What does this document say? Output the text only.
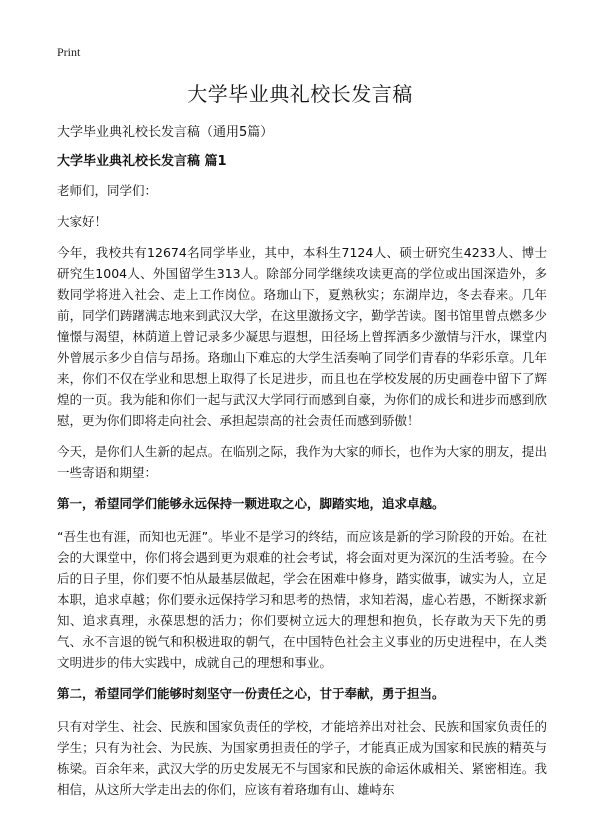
Print
大学毕业典礼校长发言稿
大学毕业典礼校长发言稿（通用5篇）
大学毕业典礼校长发言稿 篇1

老师们，同学们：

大家好！

今年，我校共有12674名同学毕业，其中，本科生7124人、硕士研究生4233人、博士研究生1004人、外国留学生313人。除部分同学继续攻读更高的学位或出国深造外，多数同学将进入社会、走上工作岗位。珞珈山下，夏熟秋实；东湖岸边，冬去春来。几年前，同学们踌躇满志地来到武汉大学，在这里激扬文字，勤学苦读。图书馆里曾点燃多少憧憬与渴望，林荫道上曾记录多少凝思与遐想，田径场上曾挥洒多少激情与汗水，课堂内外曾展示多少自信与昂扬。珞珈山下难忘的大学生活奏响了同学们青春的华彩乐章。几年来，你们不仅在学业和思想上取得了长足进步，而且也在学校发展的历史画卷中留下了辉煌的一页。我为能和你们一起与武汉大学同行而感到自豪，为你们的成长和进步而感到欣慰，更为你们即将走向社会、承担起崇高的社会责任而感到骄傲！

今天，是你们人生新的起点。在临别之际，我作为大家的师长，也作为大家的朋友，提出一些寄语和期望：

第一，希望同学们能够永远保持一颗进取之心，脚踏实地，追求卓越。

“吾生也有涯，而知也无涯”。毕业不是学习的终结，而应该是新的学习阶段的开始。在社会的大课堂中，你们将会遇到更为艰难的社会考试，将会面对更为深沉的生活考验。在今后的日子里，你们要不怕从最基层做起，学会在困难中修身，踏实做事，诚实为人，立足本职，追求卓越；你们要永远保持学习和思考的热情，求知若渴，虚心若愚，不断探求新知、追求真理，永葆思想的活力；你们要树立远大的理想和抱负，长存敢为天下先的勇气、永不言退的锐气和积极进取的朝气，在中国特色社会主义事业的历史进程中，在人类文明进步的伟大实践中，成就自己的理想和事业。

第二，希望同学们能够时刻坚守一份责任之心，甘于奉献，勇于担当。

只有对学生、社会、民族和国家负责任的学校，才能培养出对社会、民族和国家负责任的学生；只有为社会、为民族、为国家勇担责任的学子，才能真正成为国家和民族的精英与栋梁。百余年来，武汉大学的历史发展无不与国家和民族的命运休戚相关、紧密相连。我相信，从这所大学走出去的你们，应该有着珞珈有山、雄峙东
